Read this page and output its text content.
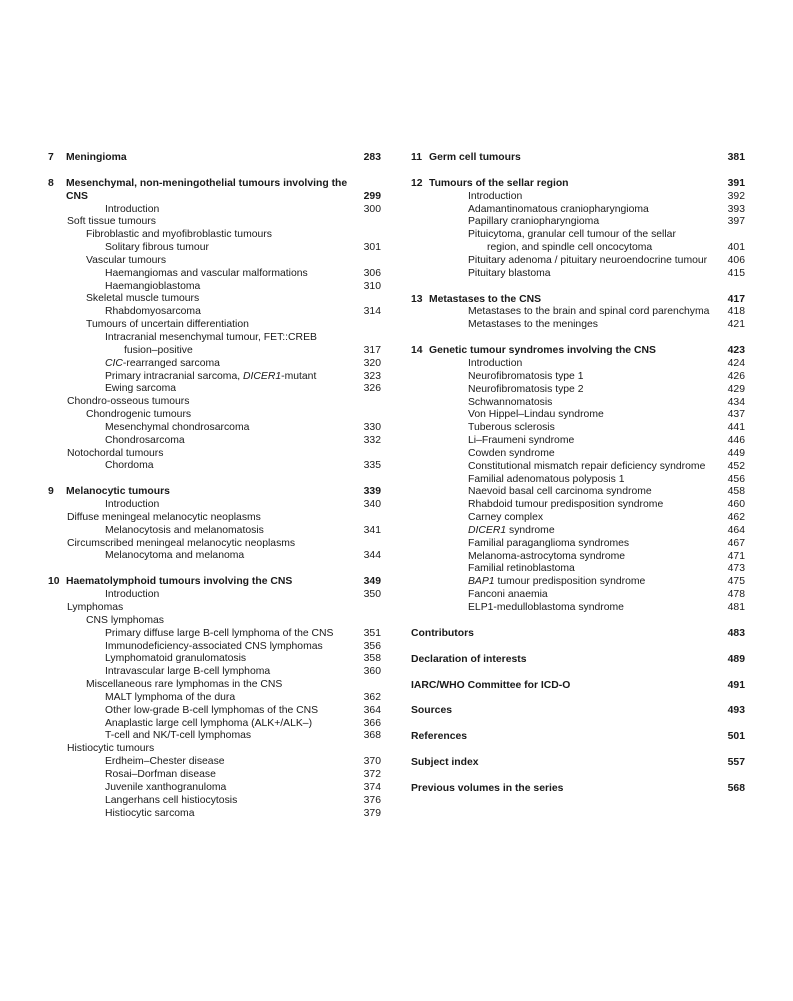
7	Meningioma	283
8	Mesenchymal, non-meningothelial tumours involving the
CNS	299
Introduction	300
Soft tissue tumours
Fibroblastic and myofibroblastic tumours
Solitary fibrous tumour	301
Vascular tumours
Haemangiomas and vascular malformations	306
Haemangioblastoma	310
Skeletal muscle tumours
Rhabdomyosarcoma	314
Tumours of uncertain differentiation
Intracranial mesenchymal tumour, FET::CREB
fusion–positive	317
CIC-rearranged sarcoma	320
Primary intracranial sarcoma, DICER1-mutant	323
Ewing sarcoma	326
Chondro-osseous tumours
Chondrogenic tumours
Mesenchymal chondrosarcoma	330
Chondrosarcoma	332
Notochordal tumours
Chordoma	335
9	Melanocytic tumours	339
Introduction	340
Diffuse meningeal melanocytic neoplasms
Melanocytosis and melanomatosis	341
Circumscribed meningeal melanocytic neoplasms
Melanocytoma and melanoma	344
10 Haematolymphoid tumours involving the CNS	349
Introduction	350
Lymphomas
CNS lymphomas
Primary diffuse large B-cell lymphoma of the CNS	351
Immunodeficiency-associated CNS lymphomas	356
Lymphomatoid granulomatosis	358
Intravascular large B-cell lymphoma	360
Miscellaneous rare lymphomas in the CNS
MALT lymphoma of the dura	362
Other low-grade B-cell lymphomas of the CNS	364
Anaplastic large cell lymphoma (ALK+/ALK–)	366
T-cell and NK/T-cell lymphomas	368
Histiocytic tumours
Erdheim–Chester disease	370
Rosai–Dorfman disease	372
Juvenile xanthogranuloma	374
Langerhans cell histiocytosis	376
Histiocytic sarcoma	379
11 Germ cell tumours	381
12 Tumours of the sellar region	391
Introduction	392
Adamantinomatous craniopharyngioma	393
Papillary craniopharyngioma	397
Pituicytoma, granular cell tumour of the sellar
region, and spindle cell oncocytoma	401
Pituitary adenoma / pituitary neuroendocrine tumour	406
Pituitary blastoma	415
13 Metastases to the CNS	417
Metastases to the brain and spinal cord parenchyma	418
Metastases to the meninges	421
14 Genetic tumour syndromes involving the CNS	423
Introduction	424
Neurofibromatosis type 1	426
Neurofibromatosis type 2	429
Schwannomatosis	434
Von Hippel–Lindau syndrome	437
Tuberous sclerosis	441
Li–Fraumeni syndrome	446
Cowden syndrome	449
Constitutional mismatch repair deficiency syndrome	452
Familial adenomatous polyposis 1	456
Naevoid basal cell carcinoma syndrome	458
Rhabdoid tumour predisposition syndrome	460
Carney complex	462
DICER1 syndrome	464
Familial paraganglioma syndromes	467
Melanoma-astrocytoma syndrome	471
Familial retinoblastoma	473
BAP1 tumour predisposition syndrome	475
Fanconi anaemia	478
ELP1-medulloblastoma syndrome	481
Contributors	483
Declaration of interests	489
IARC/WHO Committee for ICD-O	491
Sources	493
References	501
Subject index	557
Previous volumes in the series	568
